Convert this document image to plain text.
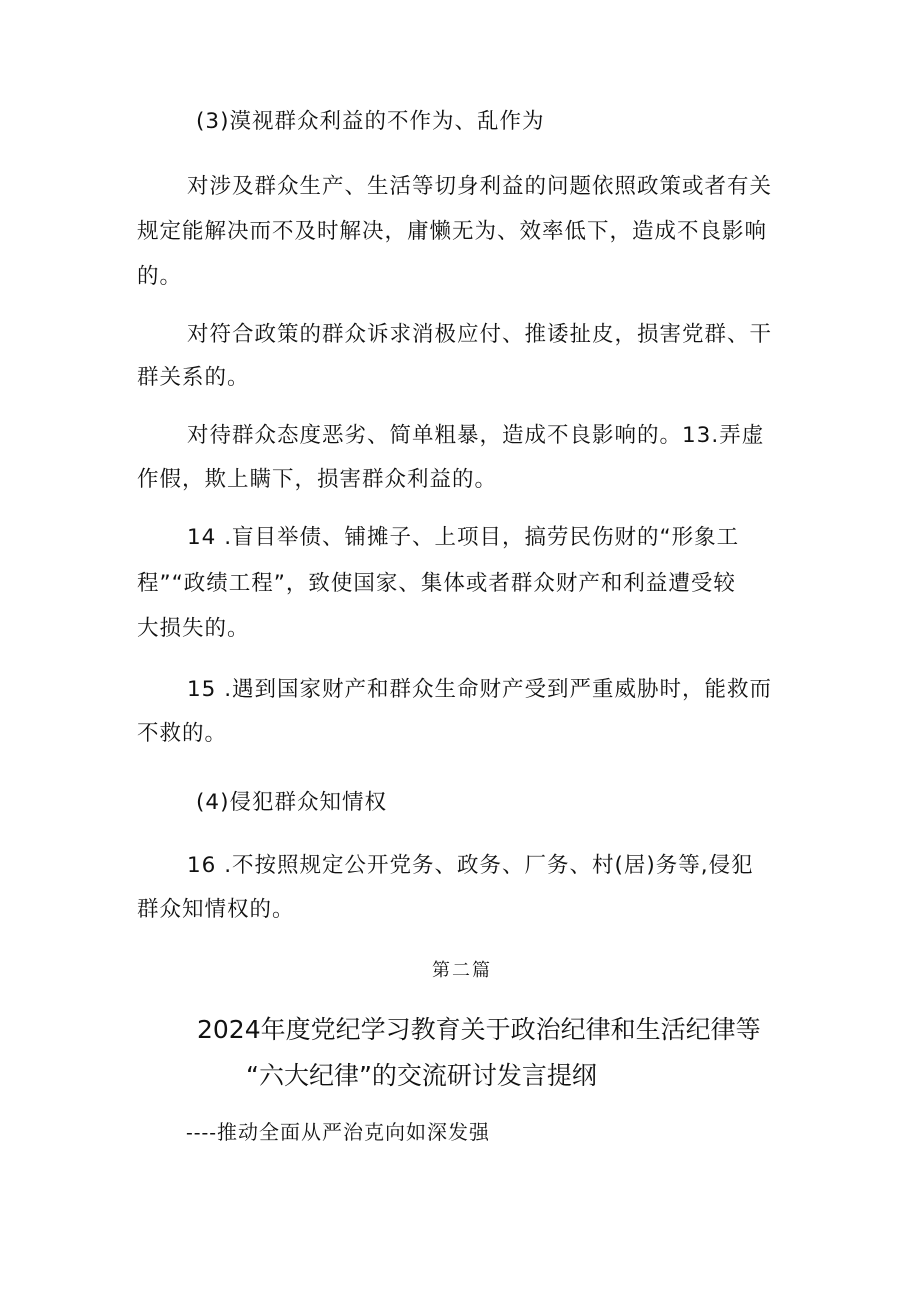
(3)漠视群众利益的不作为、乱作为
对涉及群众生产、生活等切身利益的问题依照政策或者有关
规定能解决而不及时解决，庸懒无为、效率低下，造成不良影响
的。
对符合政策的群众诉求消极应付、推诿扯皮，损害党群、干
群关系的。
对待群众态度恶劣、简单粗暴，造成不良影响的。13.弄虚
作假，欺上瞒下，损害群众利益的。
14 .盲目举债、铺摊子、上项目，搞劳民伤财的“形象工
程”“政绩工程”，致使国家、集体或者群众财产和利益遭受较
大损失的。
15 .遇到国家财产和群众生命财产受到严重威胁时，能救而
不救的。
(4)侵犯群众知情权
16 .不按照规定公开党务、政务、厂务、村(居)务等,侵犯
群众知情权的。
第二篇
2024年度党纪学习教育关于政治纪律和生活纪律等
“六大纪律”的交流研讨发言提纲
----推动全面从严治克向如深发强
